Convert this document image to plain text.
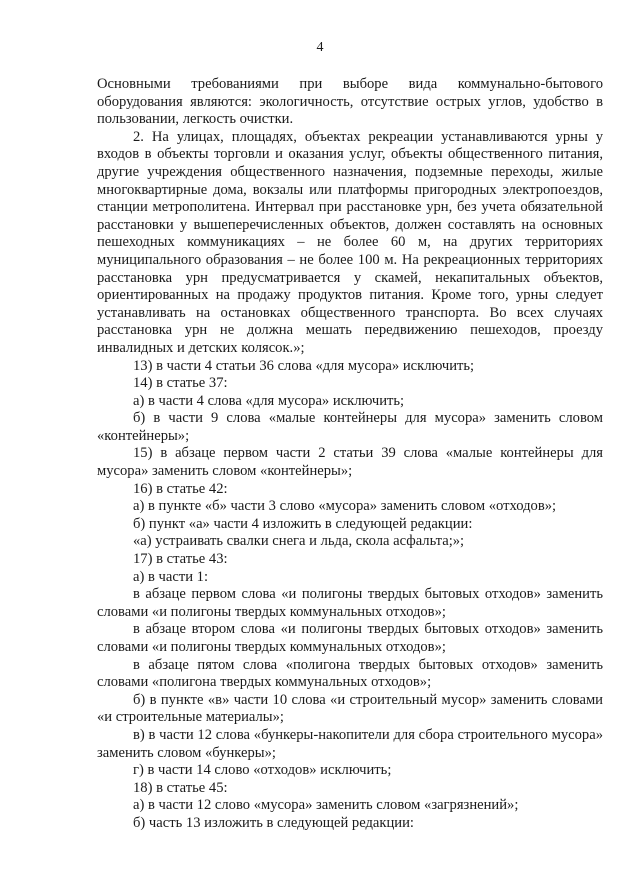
4

Основными требованиями при выборе вида коммунально-бытового оборудования являются: экологичность, отсутствие острых углов, удобство в пользовании, легкость очистки.

2. На улицах, площадях, объектах рекреации устанавливаются урны у входов в объекты торговли и оказания услуг, объекты общественного питания, другие учреждения общественного назначения, подземные переходы, жилые многоквартирные дома, вокзалы или платформы пригородных электропоездов, станции метрополитена. Интервал при расстановке урн, без учета обязательной расстановки у вышеперечисленных объектов, должен составлять на основных пешеходных коммуникациях – не более 60 м, на других территориях муниципального образования – не более 100 м. На рекреационных территориях расстановка урн предусматривается у скамей, некапитальных объектов, ориентированных на продажу продуктов питания. Кроме того, урны следует устанавливать на остановках общественного транспорта. Во всех случаях расстановка урн не должна мешать передвижению пешеходов, проезду инвалидных и детских колясок.»;

13) в части 4 статьи 36 слова «для мусора» исключить;

14) в статье 37:

а) в части 4 слова «для мусора» исключить;

б) в части 9 слова «малые контейнеры для мусора» заменить словом «контейнеры»;

15) в абзаце первом части 2 статьи 39 слова «малые контейнеры для мусора» заменить словом «контейнеры»;

16) в статье 42:

а) в пункте «б» части 3 слово «мусора» заменить словом «отходов»;

б) пункт «а» части 4 изложить в следующей редакции:

«а) устраивать свалки снега и льда, скола асфальта;»;

17) в статье 43:

а) в части 1:

в абзаце первом слова «и полигоны твердых бытовых отходов» заменить словами «и полигоны твердых коммунальных отходов»;

в абзаце втором слова «и полигоны твердых бытовых отходов» заменить словами «и полигоны твердых коммунальных отходов»;

в абзаце пятом слова «полигона твердых бытовых отходов» заменить словами «полигона твердых коммунальных отходов»;

б) в пункте «в» части 10 слова «и строительный мусор» заменить словами «и строительные материалы»;

в) в части 12 слова «бункеры-накопители для сбора строительного мусора» заменить словом «бункеры»;

г) в части 14 слово «отходов» исключить;

18) в статье 45:

а) в части 12 слово «мусора» заменить словом «загрязнений»;

б) часть 13 изложить в следующей редакции:
